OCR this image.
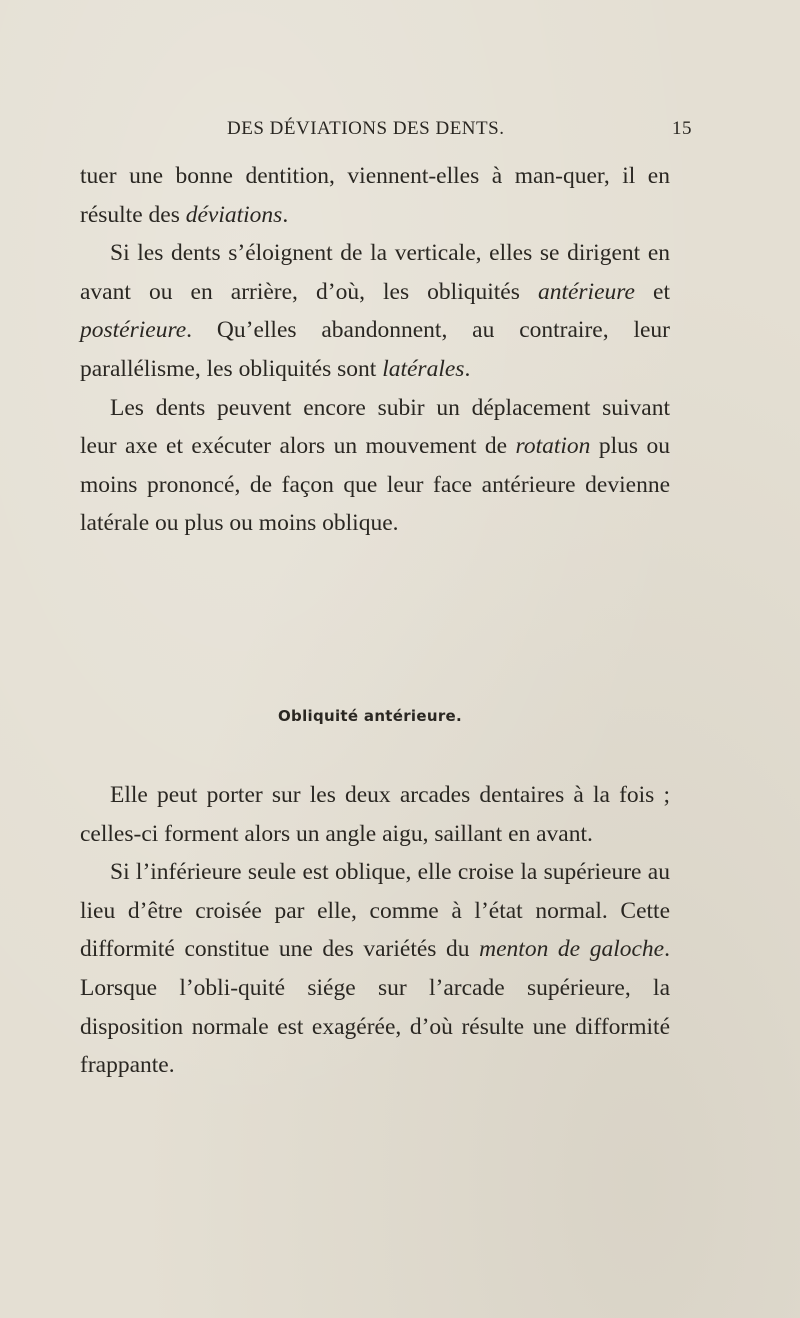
DES DÉVIATIONS DES DENTS.	15

tuer une bonne dentition, viennent-elles à man-quer, il en résulte des déviations.

Si les dents s’éloignent de la verticale, elles se dirigent en avant ou en arrière, d’où, les obliquités antérieure et postérieure. Qu’elles abandonnent, au contraire, leur parallélisme, les obliquités sont latérales.

Les dents peuvent encore subir un déplacement suivant leur axe et exécuter alors un mouvement de rotation plus ou moins prononcé, de façon que leur face antérieure devienne latérale ou plus ou moins oblique.

Obliquité antérieure.

Elle peut porter sur les deux arcades dentaires à la fois ; celles-ci forment alors un angle aigu, saillant en avant.

Si l’inférieure seule est oblique, elle croise la supérieure au lieu d’être croisée par elle, comme à l’état normal. Cette difformité constitue une des variétés du menton de galoche. Lorsque l’obli-quité siége sur l’arcade supérieure, la disposition normale est exagérée, d’où résulte une difformité frappante.
